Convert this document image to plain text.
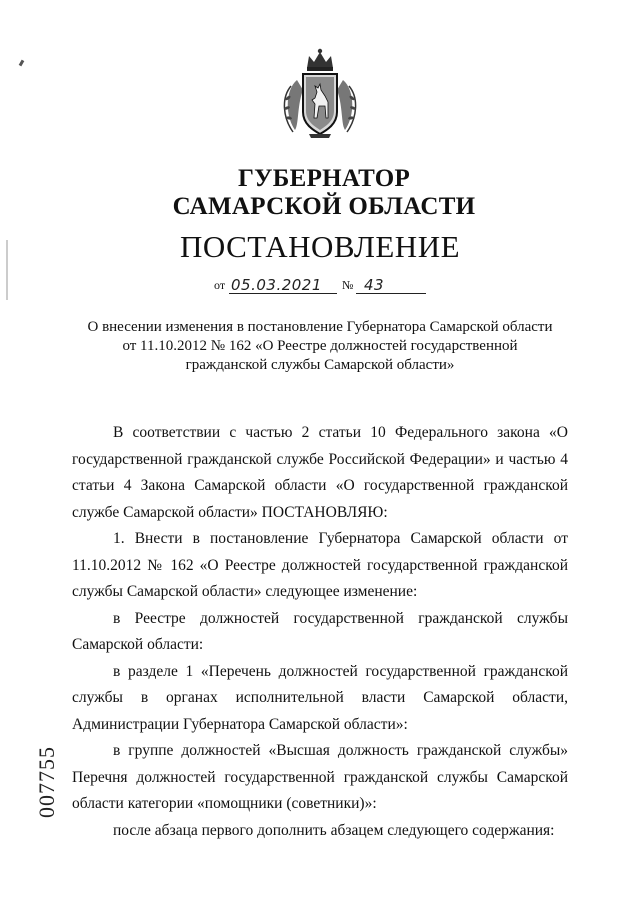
ГУБЕРНАТОР
САМАРСКОЙ ОБЛАСТИ
ПОСТАНОВЛЕНИЕ
от 05.03.2021 № 43
О внесении изменения в постановление Губернатора Самарской области
от 11.10.2012 № 162 «О Реестре должностей государственной
гражданской службы Самарской области»

В соответствии с частью 2 статьи 10 Федерального закона «О государственной гражданской службе Российской Федерации» и частью 4 статьи 4 Закона Самарской области «О государственной гражданской службе Самарской области» ПОСТАНОВЛЯЮ:

1. Внести в постановление Губернатора Самарской области от 11.10.2012 № 162 «О Реестре должностей государственной гражданской службы Самарской области» следующее изменение:

в Реестре должностей государственной гражданской службы Самарской области:

в разделе 1 «Перечень должностей государственной гражданской службы в органах исполнительной власти Самарской области, Администрации Губернатора Самарской области»:

в группе должностей «Высшая должность гражданской службы» Перечня должностей государственной гражданской службы Самарской области категории «помощники (советники)»:

после абзаца первого дополнить абзацем следующего содержания:

007755
